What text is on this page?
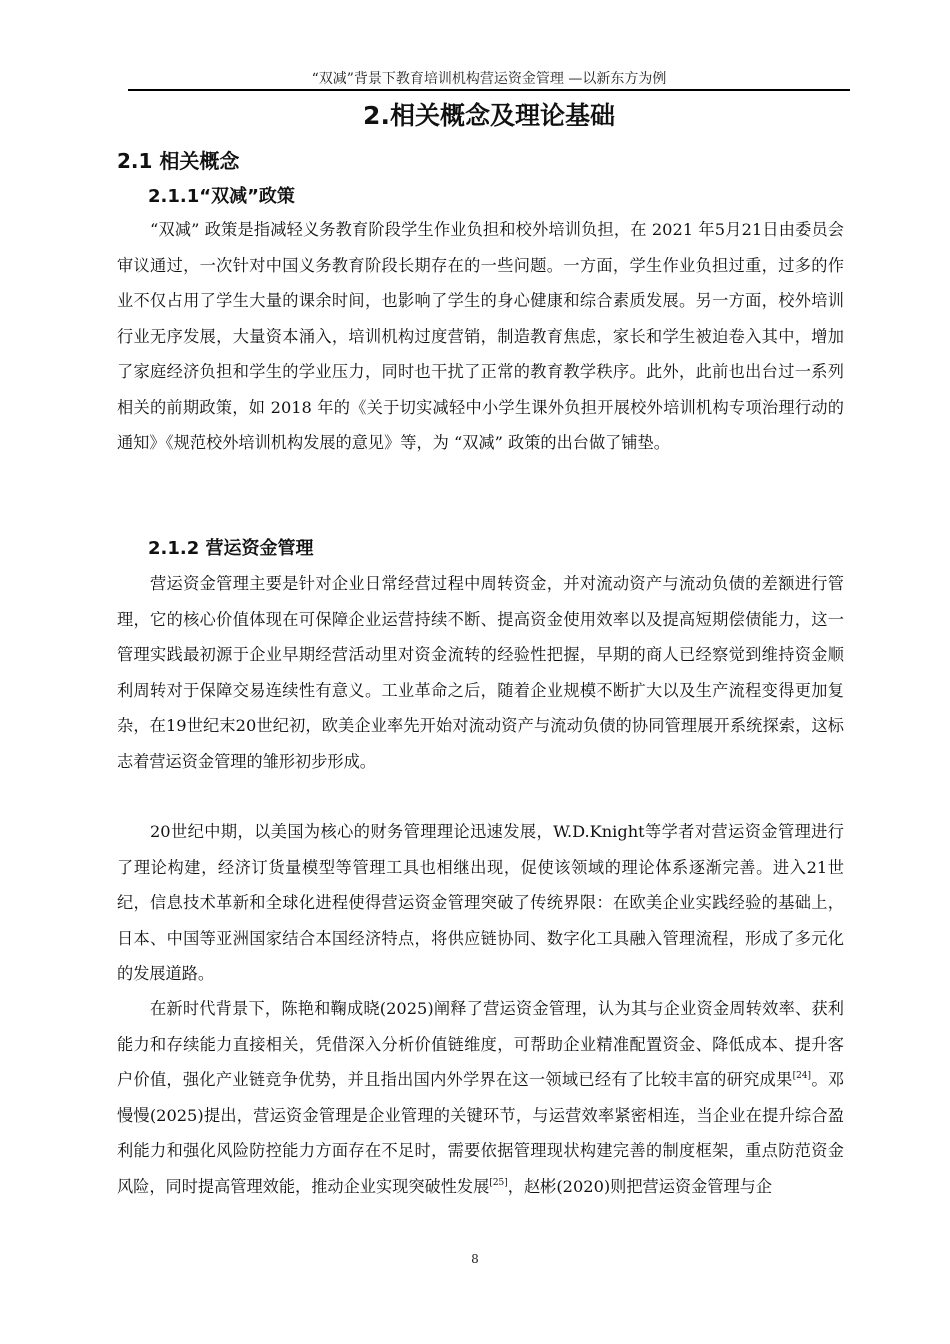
“双减”背景下教育培训机构营运资金管理 —以新东方为例
2.相关概念及理论基础
2.1 相关概念
2.1.1“双减”政策

“双减” 政策是指减轻义务教育阶段学生作业负担和校外培训负担，在 2021 年5月21日由委员会审议通过，一次针对中国义务教育阶段长期存在的一些问题。一方面，学生作业负担过重，过多的作业不仅占用了学生大量的课余时间，也影响了学生的身心健康和综合素质发展。另一方面，校外培训行业无序发展，大量资本涌入，培训机构过度营销，制造教育焦虑，家长和学生被迫卷入其中，增加了家庭经济负担和学生的学业压力，同时也干扰了正常的教育教学秩序。此外，此前也出台过一系列相关的前期政策，如 2018 年的《关于切实减轻中小学生课外负担开展校外培训机构专项治理行动的通知》《规范校外培训机构发展的意见》等，为 “双减” 政策的出台做了铺垫。

2.1.2 营运资金管理

营运资金管理主要是针对企业日常经营过程中周转资金，并对流动资产与流动负债的差额进行管理，它的核心价值体现在可保障企业运营持续不断、提高资金使用效率以及提高短期偿债能力，这一管理实践最初源于企业早期经营活动里对资金流转的经验性把握，早期的商人已经察觉到维持资金顺利周转对于保障交易连续性有意义。工业革命之后，随着企业规模不断扩大以及生产流程变得更加复杂，在19世纪末20世纪初，欧美企业率先开始对流动资产与流动负债的协同管理展开系统探索，这标志着营运资金管理的雏形初步形成。

20世纪中期，以美国为核心的财务管理理论迅速发展，W.D.Knight等学者对营运资金管理进行了理论构建，经济订货量模型等管理工具也相继出现，促使该领域的理论体系逐渐完善。进入21世纪，信息技术革新和全球化进程使得营运资金管理突破了传统界限：在欧美企业实践经验的基础上，日本、中国等亚洲国家结合本国经济特点，将供应链协同、数字化工具融入管理流程，形成了多元化的发展道路。

在新时代背景下，陈艳和鞠成晓(2025)阐释了营运资金管理，认为其与企业资金周转效率、获利能力和存续能力直接相关，凭借深入分析价值链维度，可帮助企业精准配置资金、降低成本、提升客户价值，强化产业链竞争优势，并且指出国内外学界在这一领域已经有了比较丰富的研究成果[24]。邓慢慢(2025)提出，营运资金管理是企业管理的关键环节，与运营效率紧密相连，当企业在提升综合盈利能力和强化风险防控能力方面存在不足时，需要依据管理现状构建完善的制度框架，重点防范资金风险，同时提高管理效能，推动企业实现突破性发展[25]，赵彬(2020)则把营运资金管理与企

8
